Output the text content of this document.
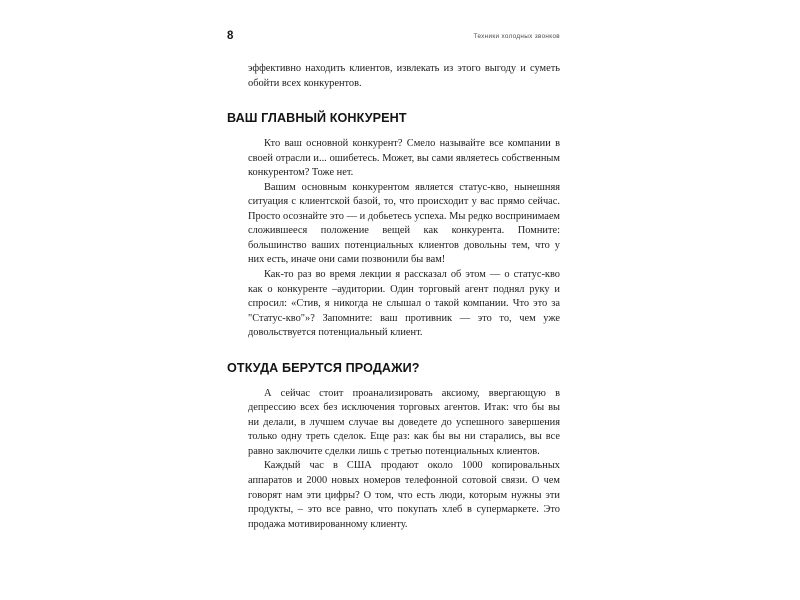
8	Техники холодных звонков

эффективно находить клиентов, извлекать из этого выгоду и суметь обойти всех конкурентов.

ВАШ ГЛАВНЫЙ КОНКУРЕНТ

Кто ваш основной конкурент? Смело называйте все компании в своей отрасли и... ошибетесь. Может, вы сами являетесь собственным конкурентом? Тоже нет.

Вашим основным конкурентом является статус-кво, нынешняя ситуация с клиентской базой, то, что происходит у вас прямо сейчас. Просто осознайте это — и добьетесь успеха. Мы редко воспринимаем сложившееся положение вещей как конкурента. Помните: большинство ваших потенциальных клиентов довольны тем, что у них есть, иначе они сами позвонили бы вам!

Как-то раз во время лекции я рассказал об этом — о статус-кво как о конкуренте –аудитории. Один торговый агент поднял руку и спросил: «Стив, я никогда не слышал о такой компании. Что это за "Статус-кво"»? Запомните: ваш противник — это то, чем уже довольствуется потенциальный клиент.

ОТКУДА БЕРУТСЯ ПРОДАЖИ?

А сейчас стоит проанализировать аксиому, ввергающую в депрессию всех без исключения торговых агентов. Итак: что бы вы ни делали, в лучшем случае вы доведете до успешного завершения только одну треть сделок. Еще раз: как бы вы ни старались, вы все равно заключите сделки лишь с третью потенциальных клиентов.

Каждый час в США продают около 1000 копировальных аппаратов и 2000 новых номеров телефонной сотовой связи. О чем говорят нам эти цифры? О том, что есть люди, которым нужны эти продукты, – это все равно, что покупать хлеб в супермаркете. Это продажа мотивированному клиенту.
